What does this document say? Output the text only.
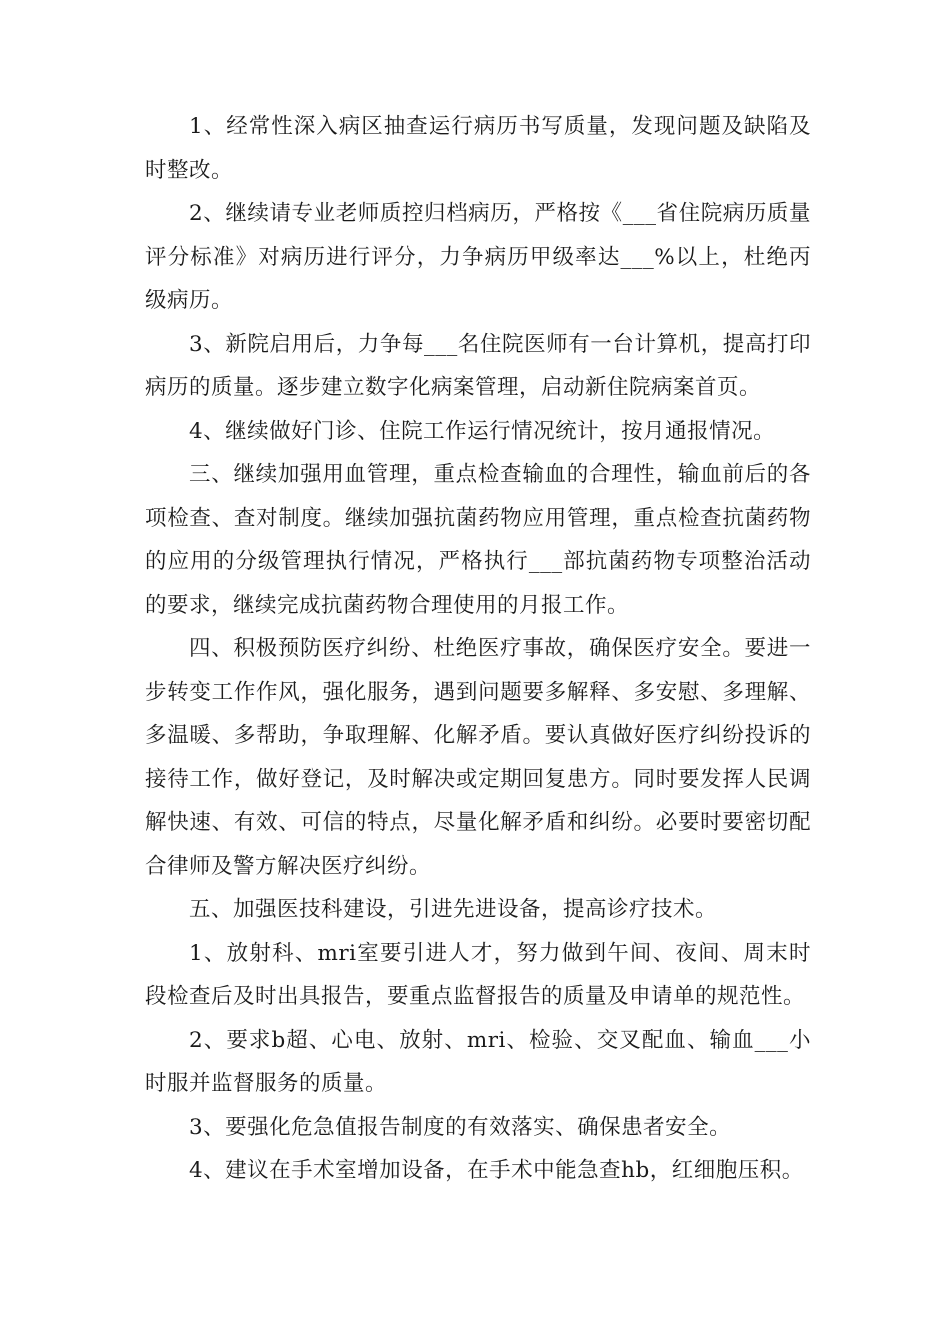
1、经常性深入病区抽查运行病历书写质量，发现问题及缺陷及时整改。

2、继续请专业老师质控归档病历，严格按《___省住院病历质量评分标准》对病历进行评分，力争病历甲级率达___%以上，杜绝丙级病历。

3、新院启用后，力争每___名住院医师有一台计算机，提高打印病历的质量。逐步建立数字化病案管理，启动新住院病案首页。

4、继续做好门诊、住院工作运行情况统计，按月通报情况。

三、继续加强用血管理，重点检查输血的合理性，输血前后的各项检查、查对制度。继续加强抗菌药物应用管理，重点检查抗菌药物的应用的分级管理执行情况，严格执行___部抗菌药物专项整治活动的要求，继续完成抗菌药物合理使用的月报工作。

四、积极预防医疗纠纷、杜绝医疗事故，确保医疗安全。要进一步转变工作作风，强化服务，遇到问题要多解释、多安慰、多理解、多温暖、多帮助，争取理解、化解矛盾。要认真做好医疗纠纷投诉的接待工作，做好登记，及时解决或定期回复患方。同时要发挥人民调解快速、有效、可信的特点，尽量化解矛盾和纠纷。必要时要密切配合律师及警方解决医疗纠纷。

五、加强医技科建设，引进先进设备，提高诊疗技术。

1、放射科、mri室要引进人才，努力做到午间、夜间、周末时段检查后及时出具报告，要重点监督报告的质量及申请单的规范性。

2、要求b超、心电、放射、mri、检验、交叉配血、输血___小时服并监督服务的质量。

3、要强化危急值报告制度的有效落实、确保患者安全。

4、建议在手术室增加设备，在手术中能急查hb，红细胞压积。
